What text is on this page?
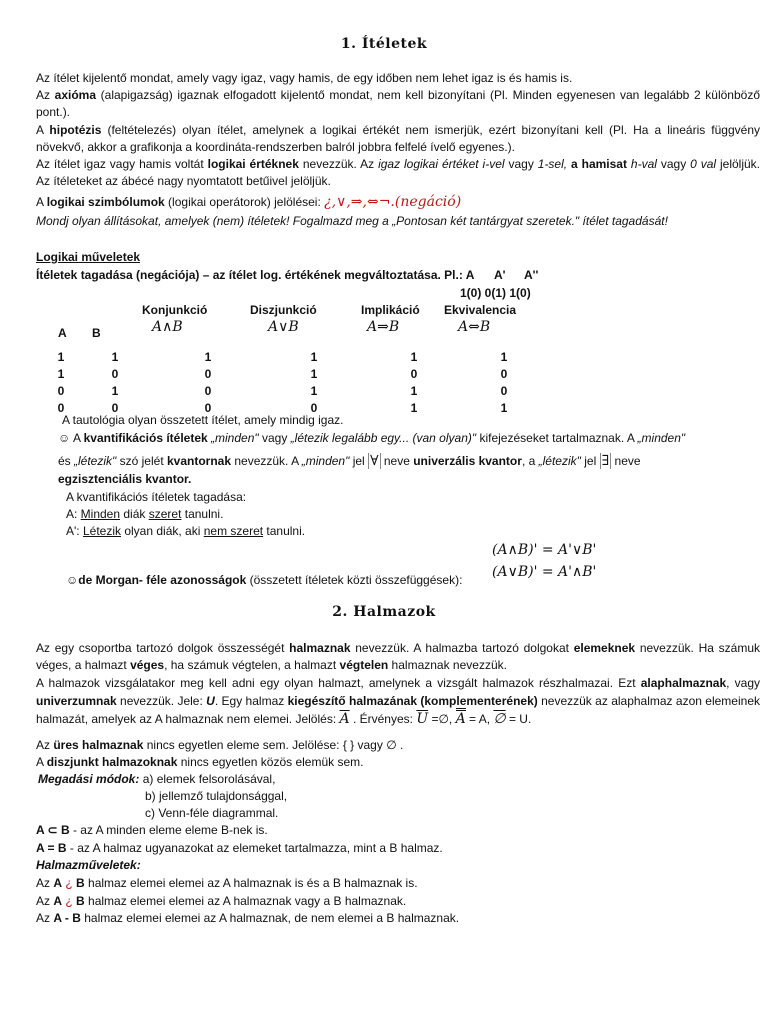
1. Ítéletek
Az ítélet kijelentő mondat, amely vagy igaz, vagy hamis, de egy időben nem lehet igaz is és hamis is.
Az axióma (alapigazság) igaznak elfogadott kijelentő mondat, nem kell bizonyítani (Pl. Minden egyenesen van legalább 2 különböző pont.).
A hipotézis (feltételezés) olyan ítélet, amelynek a logikai értékét nem ismerjük, ezért bizonyítani kell (Pl. Ha a lineáris függvény növekvő, akkor a grafikonja a koordináta-rendszerben balról jobbra felfelé ívelő egyenes.).
Az ítélet igaz vagy hamis voltát logikai értéknek nevezzük. Az igaz logikai értéket i-vel vagy 1-sel, a hamisat h-val vagy 0 val jelöljük. Az ítéleteket az ábécé nagy nyomtatott betűivel jelöljük.
A logikai szimbólumok (logikai operátorok) jelölései: ¿,∨,⇒,⇔¬.(negáció)
Mondj olyan állításokat, amelyek (nem) ítéletek! Fogalmazd meg a „Pontosan két tantárgyat szeretek." ítélet tagadását!
Logikai műveletek
Ítéletek tagadása (negációja) – az ítélet log. értékének megváltoztatása. Pl.: A A' A''
1(0) 0(1) 1(0)
Konjunkció	Diszjunkció	Implikáció Ekvivalencia
A∧B	A∨B	A⇒B	A⇔B
A B
1	1	1	1	1	1
1	0	0	1	0	0
0	1	0	1	1	0
0	0	0	0	1	1
A tautológia olyan összetett ítélet, amely mindig igaz.
☺ A kvantifikációs ítéletek „minden" vagy „létezik legalább egy... (van olyan)" kifejezéseket tartalmaznak. A „minden"
és „létezik" szó jelét kvantornak nevezzük. A „minden" jel ∀ neve univerzális kvantor, a „létezik" jel ∃ neve
egzisztenciális kvantor.
A kvantifikációs ítéletek tagadása:
A: Minden diák szeret tanulni.
A': Létezik olyan diák, aki nem szeret tanulni.
(A∧B)' = A'∨B'
(A∨B)' = A'∧B'
☺de Morgan- féle azonosságok (összetett ítéletek közti összefüggések):
2. Halmazok
Az egy csoportba tartozó dolgok összességét halmaznak nevezzük. A halmazba tartozó dolgokat elemeknek nevezzük. Ha számuk véges, a halmazt véges, ha számuk végtelen, a halmazt végtelen halmaznak nevezzük.
A halmazok vizsgálatakor meg kell adni egy olyan halmazt, amelynek a vizsgált halmazok részhalmazai. Ezt alaphalmaznak, vagy univerzumnak nevezzük. Jele: U. Egy halmaz kiegészítő halmazának (komplementerének) nevezzük az alaphalmaz azon elemeinek halmazát, amelyek az A halmaznak nem elemei. Jelölés: $\overline{A}$ . Érvényes: $\overline{U}$ =∅, A = A, ∅ = U.
Az üres halmaznak nincs egyetlen eleme sem. Jelölése: { } vagy ∅ .
A diszjunkt halmazoknak nincs egyetlen közös elemük sem.
Megadási módok: a) elemek felsorolásával,
b) jellemző tulajdonsággal,
c) Venn-féle diagrammal.
A ⊂ B - az A minden eleme eleme B-nek is.
A = B - az A halmaz ugyanazokat az elemeket tartalmazza, mint a B halmaz.
Halmazműveletek:
Az A ¿ B halmaz elemei elemei az A halmaznak is és a B halmaznak is.
Az A ¿ B halmaz elemei elemei az A halmaznak vagy a B halmaznak.
Az A - B halmaz elemei elemei az A halmaznak, de nem elemei a B halmaznak.
